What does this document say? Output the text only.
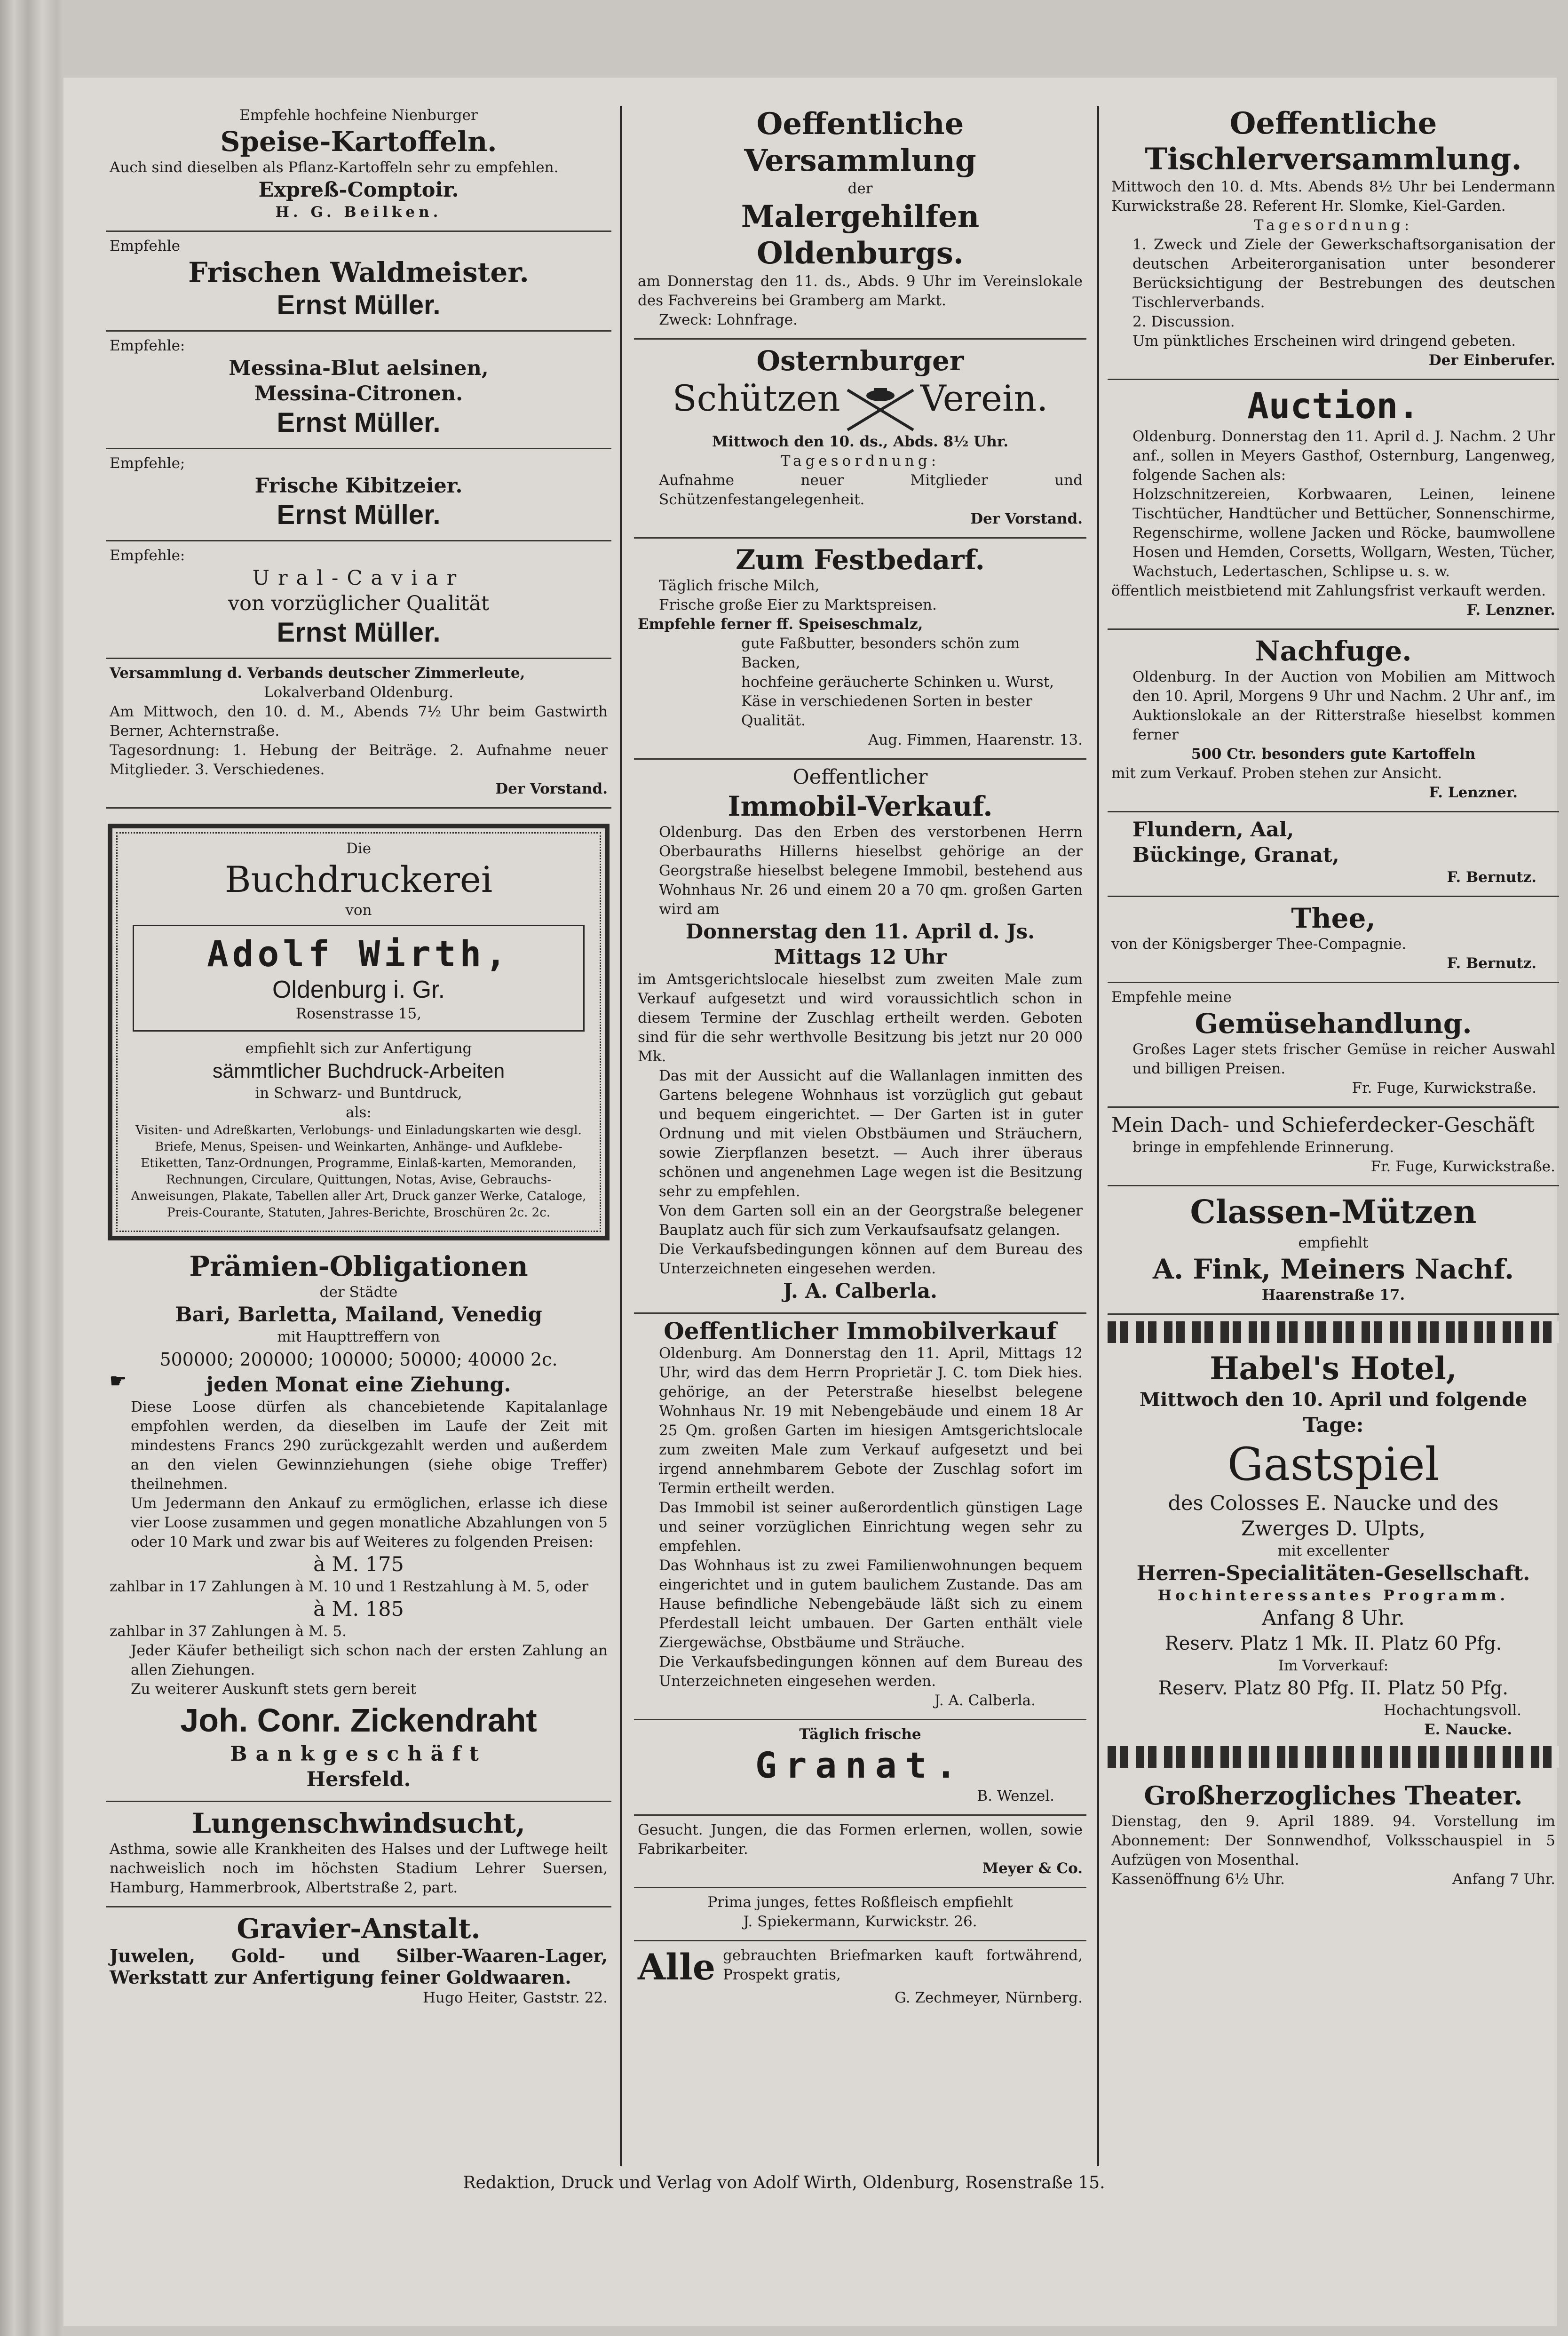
Empfehle hochfeine Nienburger
Speise-Kartoffeln.
Auch sind dieselben als Pflanz-Kartoffeln sehr zu empfehlen.
Expreß-Comptoir.
H. G. Beilken.
Empfehle
Frischen Waldmeister.
Ernst Müller.
Empfehle:
Messina-Blut aelsinen,
Messina-Citronen.
Ernst Müller.
Empfehle;
Frische Kibitzeier.
Ernst Müller.
Empfehle:
Ural-Caviar
von vorzüglicher Qualität
Ernst Müller.
Versammlung d. Verbands deutscher Zimmerleute,
Lokalverband Oldenburg.
Am Mittwoch, den 10. d. M., Abends 7½ Uhr beim Gastwirth Berner, Achternstraße.
Tagesordnung: 1. Hebung der Beiträge. 2. Aufnahme neuer Mitglieder. 3. Verschiedenes.
Der Vorstand.
Die
Buchdruckerei
von
Adolf Wirth,
Oldenburg i. Gr.
Rosenstrasse 15,
empfiehlt sich zur Anfertigung
sämmtlicher Buchdruck-Arbeiten
in Schwarz- und Buntdruck,
als:
Visiten- und Adreßkarten, Verlobungs- und Einladungskarten wie desgl. Briefe, Menus, Speisen- und Weinkarten, Anhänge- und Aufklebe-Etiketten, Tanz-Ordnungen, Programme, Einlaß-karten, Memoranden, Rechnungen, Circulare, Quittungen, Notas, Avise, Gebrauchs-Anweisungen, Plakate, Tabellen aller Art, Druck ganzer Werke, Cataloge, Preis-Courante, Statuten, Jahres-Berichte, Broschüren 2c. 2c.
Prämien-Obligationen
der Städte
Bari, Barletta, Mailand, Venedig
mit Haupttreffern von
500000; 200000; 100000; 50000; 40000 2c.
☛	jeden Monat eine Ziehung.
Diese Loose dürfen als chancebietende Kapitalanlage empfohlen werden, da dieselben im Laufe der Zeit mit mindestens Francs 290 zurückgezahlt werden und außerdem an den vielen Gewinnziehungen (siehe obige Treffer) theilnehmen.
Um Jedermann den Ankauf zu ermöglichen, erlasse ich diese vier Loose zusammen und gegen monatliche Abzahlungen von 5 oder 10 Mark und zwar bis auf Weiteres zu folgenden Preisen:
à M. 175
zahlbar in 17 Zahlungen à M. 10 und 1 Restzahlung à M. 5, oder
à M. 185
zahlbar in 37 Zahlungen à M. 5.
Jeder Käufer betheiligt sich schon nach der ersten Zahlung an allen Ziehungen.
Zu weiterer Auskunft stets gern bereit
Joh. Conr. Zickendraht
Bankgeschäft
Hersfeld.
Lungenschwindsucht,
Asthma, sowie alle Krankheiten des Halses und der Luftwege heilt nachweislich noch im höchsten Stadium Lehrer Suersen, Hamburg, Hammerbrook, Albertstraße 2, part.
Gravier-Anstalt.
Juwelen, Gold- und Silber-Waaren-Lager, Werkstatt zur Anfertigung feiner Goldwaaren.
Hugo Heiter, Gaststr. 22.
Oeffentliche Versammlung
der
Malergehilfen Oldenburgs.
am Donnerstag den 11. ds., Abds. 9 Uhr im Vereinslokale des Fachvereins bei Gramberg am Markt.
Zweck: Lohnfrage.
Osternburger
Schützen Verein.
Mittwoch den 10. ds., Abds. 8½ Uhr.
Tagesordnung:
Aufnahme neuer Mitglieder und Schützenfestangelegenheit.
Der Vorstand.
Zum Festbedarf.
Täglich frische Milch,
Frische große Eier zu Marktspreisen.
Empfehle ferner ff. Speiseschmalz,
gute Faßbutter, besonders schön zum Backen,
hochfeine geräucherte Schinken u. Wurst,
Käse in verschiedenen Sorten in bester Qualität.
Aug. Fimmen, Haarenstr. 13.
Oeffentlicher
Immobil-Verkauf.
Oldenburg. Das den Erben des verstorbenen Herrn Oberbauraths Hillerns hieselbst gehörige an der Georgstraße hieselbst belegene Immobil, bestehend aus Wohnhaus Nr. 26 und einem 20 a 70 qm. großen Garten wird am
Donnerstag den 11. April d. Js.
Mittags 12 Uhr
im Amtsgerichtslocale hieselbst zum zweiten Male zum Verkauf aufgesetzt und wird voraussichtlich schon in diesem Termine der Zuschlag ertheilt werden. Geboten sind für die sehr werthvolle Besitzung bis jetzt nur 20 000 Mk.
Das mit der Aussicht auf die Wallanlagen inmitten des Gartens belegene Wohnhaus ist vorzüglich gut gebaut und bequem eingerichtet. — Der Garten ist in guter Ordnung und mit vielen Obstbäumen und Sträuchern, sowie Zierpflanzen besetzt. — Auch ihrer überaus schönen und angenehmen Lage wegen ist die Besitzung sehr zu empfehlen.
Von dem Garten soll ein an der Georgstraße belegener Bauplatz auch für sich zum Verkaufsaufsatz gelangen.
Die Verkaufsbedingungen können auf dem Bureau des Unterzeichneten eingesehen werden.
J. A. Calberla.
Oeffentlicher Immobilverkauf
Oldenburg. Am Donnerstag den 11. April, Mittags 12 Uhr, wird das dem Herrn Proprietär J. C. tom Diek hies. gehörige, an der Peterstraße hieselbst belegene Wohnhaus Nr. 19 mit Nebengebäude und einem 18 Ar 25 Qm. großen Garten im hiesigen Amtsgerichtslocale zum zweiten Male zum Verkauf aufgesetzt und bei irgend annehmbarem Gebote der Zuschlag sofort im Termin ertheilt werden.
Das Immobil ist seiner außerordentlich günstigen Lage und seiner vorzüglichen Einrichtung wegen sehr zu empfehlen.
Das Wohnhaus ist zu zwei Familienwohnungen bequem eingerichtet und in gutem baulichem Zustande. Das am Hause befindliche Nebengebäude läßt sich zu einem Pferdestall leicht umbauen. Der Garten enthält viele Ziergewächse, Obstbäume und Sträuche.
Die Verkaufsbedingungen können auf dem Bureau des Unterzeichneten eingesehen werden.
J. A. Calberla.
Täglich frische
Granat.
B. Wenzel.
Gesucht. Jungen, die das Formen erlernen, wollen, sowie Fabrikarbeiter.
Meyer & Co.
Prima junges, fettes Roßfleisch empfiehlt
J. Spiekermann, Kurwickstr. 26.
Alle gebrauchten Briefmarken kauft fortwährend, Prospekt gratis,
G. Zechmeyer, Nürnberg.
Oeffentliche Tischlerversammlung.
Mittwoch den 10. d. Mts. Abends 8½ Uhr bei Lendermann Kurwickstraße 28. Referent Hr. Slomke, Kiel-Garden.
Tagesordnung:
1. Zweck und Ziele der Gewerkschaftsorganisation der deutschen Arbeiterorganisation unter besonderer Berücksichtigung der Bestrebungen des deutschen Tischlerverbands.
2. Discussion.
Um pünktliches Erscheinen wird dringend gebeten.
Der Einberufer.
Auction.
Oldenburg. Donnerstag den 11. April d. J. Nachm. 2 Uhr anf., sollen in Meyers Gasthof, Osternburg, Langenweg, folgende Sachen als:
Holzschnitzereien, Korbwaaren, Leinen, leinene Tischtücher, Handtücher und Bettücher, Sonnenschirme, Regenschirme, wollene Jacken und Röcke, baumwollene Hosen und Hemden, Corsetts, Wollgarn, Westen, Tücher, Wachstuch, Ledertaschen, Schlipse u. s. w.
öffentlich meistbietend mit Zahlungsfrist verkauft werden.
F. Lenzner.
Nachfuge.
Oldenburg. In der Auction von Mobilien am Mittwoch den 10. April, Morgens 9 Uhr und Nachm. 2 Uhr anf., im Auktionslokale an der Ritterstraße hieselbst kommen ferner
500 Ctr. besonders gute Kartoffeln
mit zum Verkauf. Proben stehen zur Ansicht.
F. Lenzner.
Flundern, Aal,
Bückinge, Granat,
F. Bernutz.
Thee,
von der Königsberger Thee-Compagnie.
F. Bernutz.
Empfehle meine
Gemüsehandlung.
Großes Lager stets frischer Gemüse in reicher Auswahl und billigen Preisen.
Fr. Fuge, Kurwickstraße.
Mein Dach- und Schieferdecker-Geschäft
bringe in empfehlende Erinnerung.
Fr. Fuge, Kurwickstraße.
Classen-Mützen
empfiehlt
A. Fink, Meiners Nachf.
Haarenstraße 17.
Habel's Hotel,
Mittwoch den 10. April und folgende
Tage:
Gastspiel
des Colosses E. Naucke und des
Zwerges D. Ulpts,
mit excellenter
Herren-Specialitäten-Gesellschaft.
Hochinteressantes Programm.
Anfang 8 Uhr.
Reserv. Platz 1 Mk. II. Platz 60 Pfg.
Im Vorverkauf:
Reserv. Platz 80 Pfg. II. Platz 50 Pfg.
Hochachtungsvoll.
E. Naucke.
Großherzogliches Theater.
Dienstag, den 9. April 1889. 94. Vorstellung im Abonnement: Der Sonnwendhof, Volksschauspiel in 5 Aufzügen von Mosenthal.
Kassenöffnung 6½ Uhr.	Anfang 7 Uhr.
Redaktion, Druck und Verlag von Adolf Wirth, Oldenburg, Rosenstraße 15.
